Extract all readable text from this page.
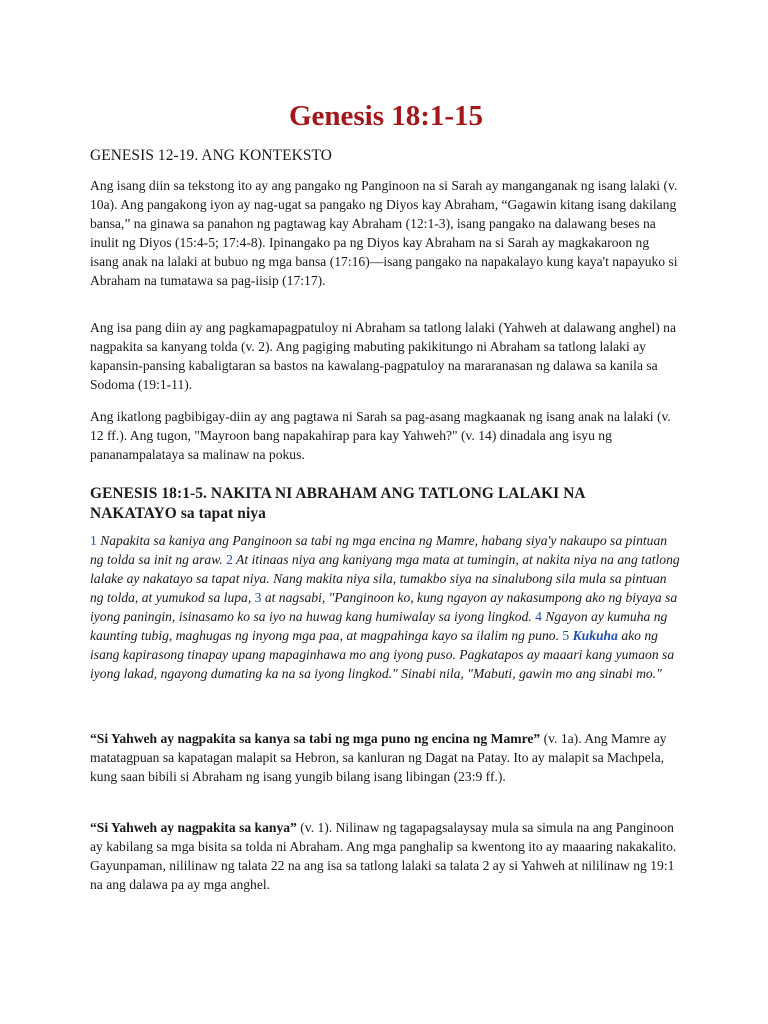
Genesis 18:1-15
GENESIS 12-19. ANG KONTEKSTO

Ang isang diin sa tekstong ito ay ang pangako ng Panginoon na si Sarah ay manganganak ng isang lalaki (v. 10a). Ang pangakong iyon ay nag-ugat sa pangako ng Diyos kay Abraham, “Gagawin kitang isang dakilang bansa,” na ginawa sa panahon ng pagtawag kay Abraham (12:1-3), isang pangako na dalawang beses na inulit ng Diyos (15:4-5; 17:4-8). Ipinangako pa ng Diyos kay Abraham na si Sarah ay magkakaroon ng isang anak na lalaki at bubuo ng mga bansa (17:16)—isang pangako na napakalayo kung kaya't napayuko si Abraham na tumatawa sa pag-iisip (17:17).

Ang isa pang diin ay ang pagkamapagpatuloy ni Abraham sa tatlong lalaki (Yahweh at dalawang anghel) na nagpakita sa kanyang tolda (v. 2). Ang pagiging mabuting pakikitungo ni Abraham sa tatlong lalaki ay kapansin-pansing kabaligtaran sa bastos na kawalang-pagpatuloy na mararanasan ng dalawa sa kanila sa Sodoma (19:1-11).

Ang ikatlong pagbibigay-diin ay ang pagtawa ni Sarah sa pag-asang magkaanak ng isang anak na lalaki (v. 12 ff.). Ang tugon, "Mayroon bang napakahirap para kay Yahweh?" (v. 14) dinadala ang isyu ng pananampalataya sa malinaw na pokus.

GENESIS 18:1-5. NAKITA NI ABRAHAM ANG TATLONG LALAKI NA
NAKATAYO sa tapat niya

1 Napakita sa kaniya ang Panginoon sa tabi ng mga encina ng Mamre, habang siya'y nakaupo sa pintuan ng tolda sa init ng araw. 2 At itinaas niya ang kaniyang mga mata at tumingin, at nakita niya na ang tatlong lalake ay nakatayo sa tapat niya. Nang makita niya sila, tumakbo siya na sinalubong sila mula sa pintuan ng tolda, at yumukod sa lupa, 3 at nagsabi, "Panginoon ko, kung ngayon ay nakasumpong ako ng biyaya sa iyong paningin, isinasamo ko sa iyo na huwag kang humiwalay sa iyong lingkod. 4 Ngayon ay kumuha ng kaunting tubig, maghugas ng inyong mga paa, at magpahinga kayo sa ilalim ng puno. 5 Kukuha ako ng isang kapirasong tinapay upang mapaginhawa mo ang iyong puso. Pagkatapos ay maaari kang yumaon sa iyong lakad, ngayong dumating ka na sa iyong lingkod." Sinabi nila, "Mabuti, gawin mo ang sinabi mo."

“Si Yahweh ay nagpakita sa kanya sa tabi ng mga puno ng encina ng Mamre” (v. 1a). Ang Mamre ay matatagpuan sa kapatagan malapit sa Hebron, sa kanluran ng Dagat na Patay. Ito ay malapit sa Machpela, kung saan bibili si Abraham ng isang yungib bilang isang libingan (23:9 ff.).

“Si Yahweh ay nagpakita sa kanya” (v. 1). Nilinaw ng tagapagsalaysay mula sa simula na ang Panginoon ay kabilang sa mga bisita sa tolda ni Abraham. Ang mga panghalip sa kwentong ito ay maaaring nakakalito. Gayunpaman, nililinaw ng talata 22 na ang isa sa tatlong lalaki sa talata 2 ay si Yahweh at nililinaw ng 19:1 na ang dalawa pa ay mga anghel.
